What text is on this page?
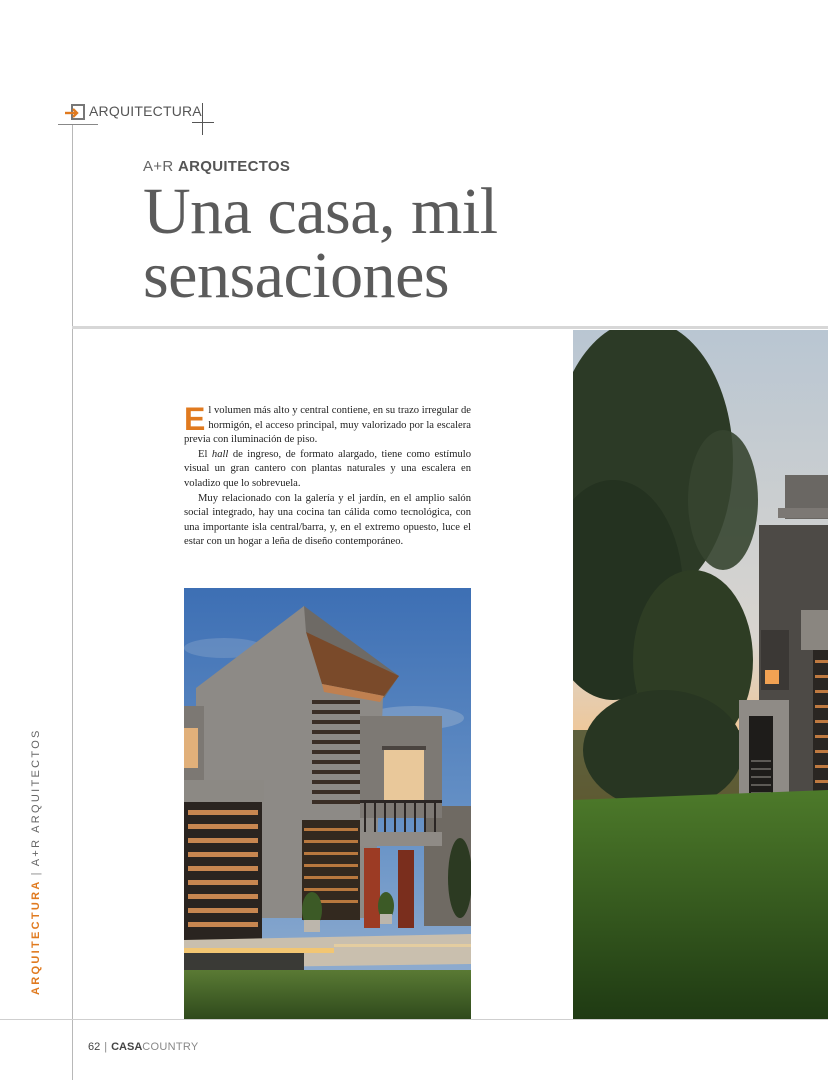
ARQUITECTURA
A+R ARQUITECTOS
Una casa, mil
sensaciones

El volumen más alto y central contiene, en su trazo irregular de hormigón, el acceso principal, muy valorizado por la escalera previa con iluminación de piso.

El hall de ingreso, de formato alargado, tiene como estímulo visual un gran cantero con plantas naturales y una escalera en voladizo que lo sobrevuela.

Muy relacionado con la galería y el jardín, en el amplio salón social integrado, hay una cocina tan cálida como tecnológica, con una importante isla central/barra, y, en el extremo opuesto, luce el estar con un hogar a leña de diseño contemporáneo.

ARQUITECTURA|A+R ARQUITECTOS
62 | CASACOUNTRY
